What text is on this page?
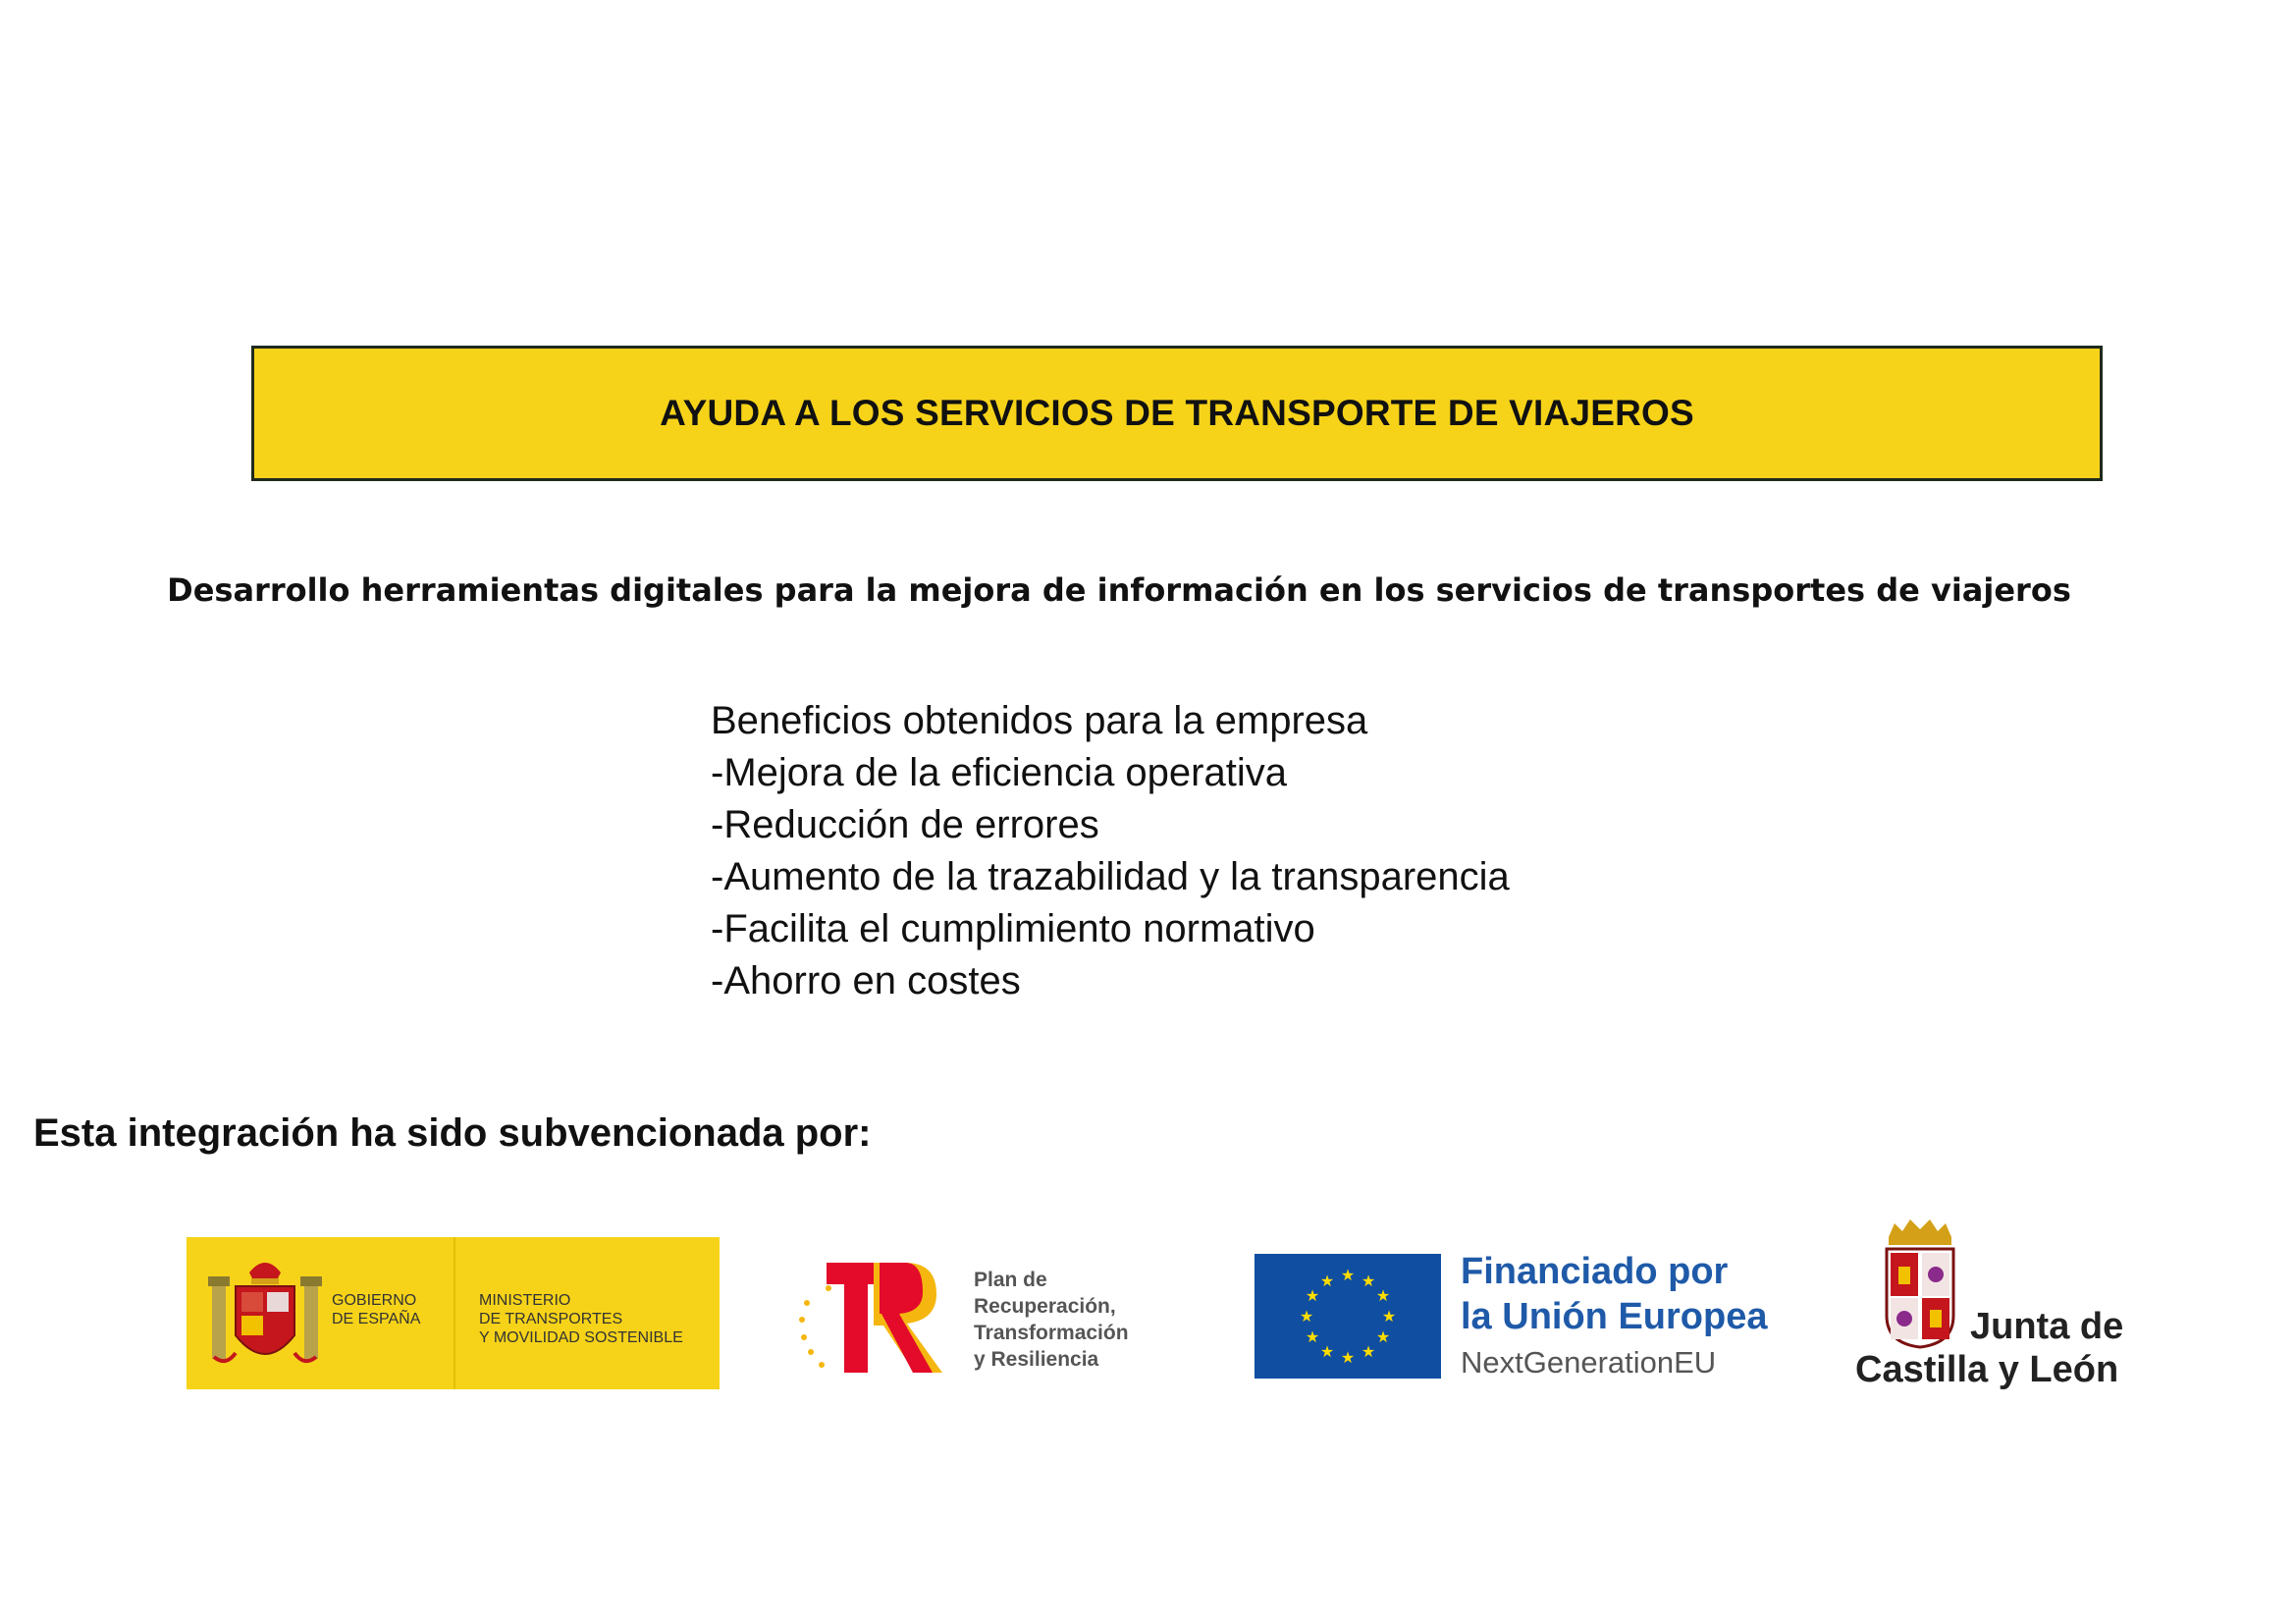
AYUDA A LOS SERVICIOS DE TRANSPORTE DE VIAJEROS
Desarrollo herramientas digitales para la mejora de información en los servicios de transportes de viajeros
Beneficios obtenidos para la empresa
-Mejora de la eficiencia operativa
-Reducción de errores
-Aumento de la trazabilidad y la transparencia
-Facilita el cumplimiento normativo
-Ahorro en costes
Esta integración ha sido subvencionada por:
GOBIERNO
DE ESPAÑA
MINISTERIO
DE TRANSPORTES
Y MOVILIDAD SOSTENIBLE
Plan de
Recuperación,
Transformación
y Resiliencia
★ ★
★
★
★
★
★
★
★
★
★
★	Financiado por
la Unión Europea
NextGenerationEU
Junta de
Castilla y León
